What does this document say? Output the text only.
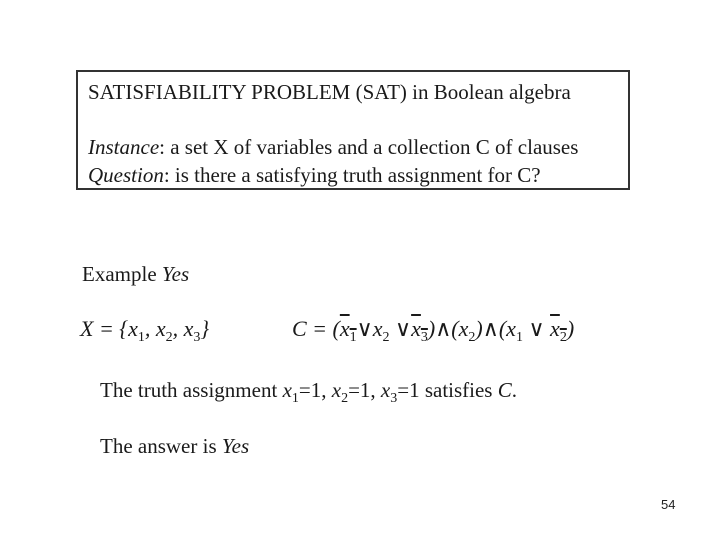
SATISFIABILITY PROBLEM (SAT) in Boolean algebra
Instance: a set X of variables and a collection C of clauses
Question: is there a satisfying truth assignment for C?
Example Yes
$X = \{x_1$, $x_2$, $x_3$}	$C = (x_1\vee x_2$ $\vee x_3)\wedge(x_2)\wedge(x_1$ ∨ $x_2$)
The truth assignment $x_1=1$, $x_2=1$, $x_3=1$ satisfies C.
The answer is Yes
54
